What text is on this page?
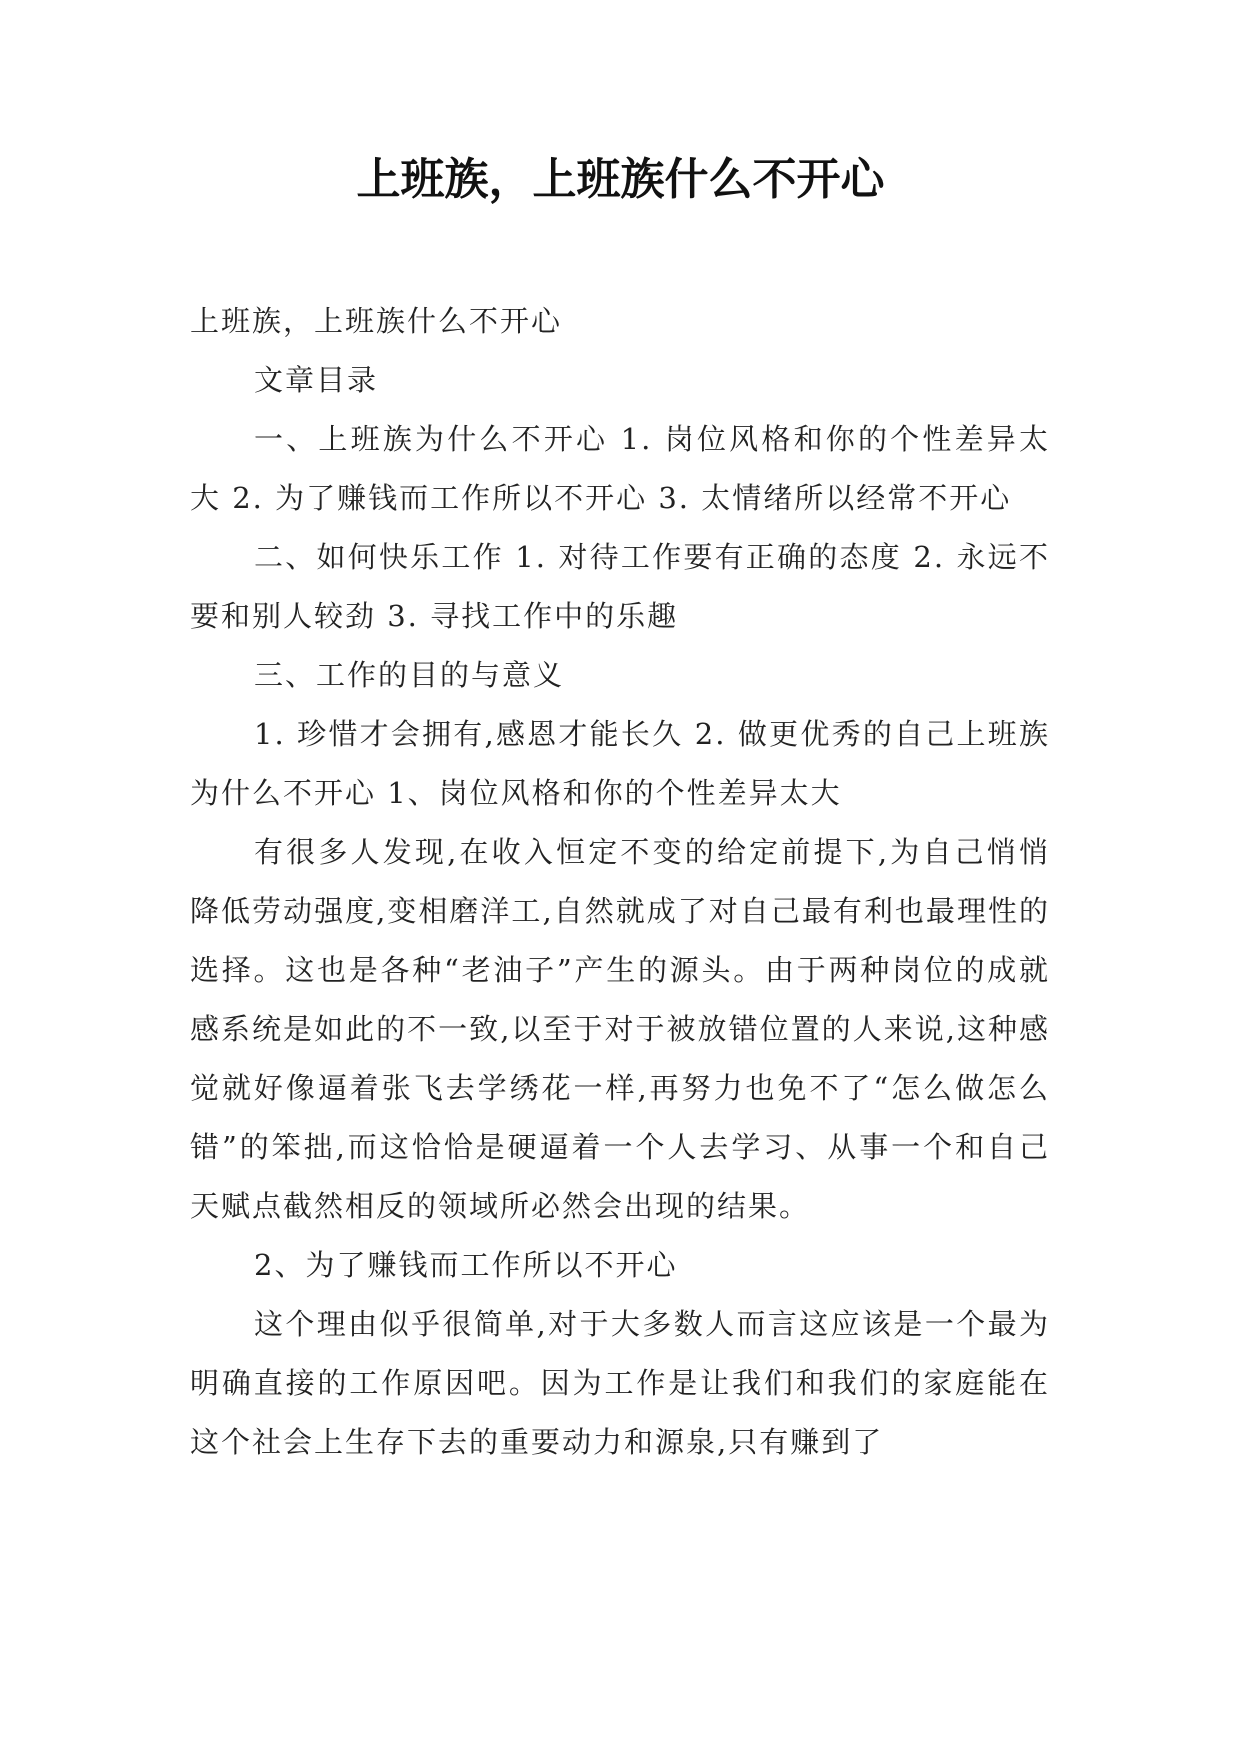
上班族，上班族什么不开心

上班族，上班族什么不开心

文章目录

一、上班族为什么不开心 1. 岗位风格和你的个性差异太大 2. 为了赚钱而工作所以不开心 3. 太情绪所以经常不开心

二、如何快乐工作 1. 对待工作要有正确的态度 2. 永远不要和别人较劲 3. 寻找工作中的乐趣

三、工作的目的与意义

1. 珍惜才会拥有,感恩才能长久 2. 做更优秀的自己上班族为什么不开心 1、岗位风格和你的个性差异太大

有很多人发现,在收入恒定不变的给定前提下,为自己悄悄降低劳动强度,变相磨洋工,自然就成了对自己最有利也最理性的选择。这也是各种“老油子”产生的源头。由于两种岗位的成就感系统是如此的不一致,以至于对于被放错位置的人来说,这种感觉就好像逼着张飞去学绣花一样,再努力也免不了“怎么做怎么错”的笨拙,而这恰恰是硬逼着一个人去学习、从事一个和自己天赋点截然相反的领域所必然会出现的结果。

2、为了赚钱而工作所以不开心

这个理由似乎很简单,对于大多数人而言这应该是一个最为明确直接的工作原因吧。因为工作是让我们和我们的家庭能在这个社会上生存下去的重要动力和源泉,只有赚到了
